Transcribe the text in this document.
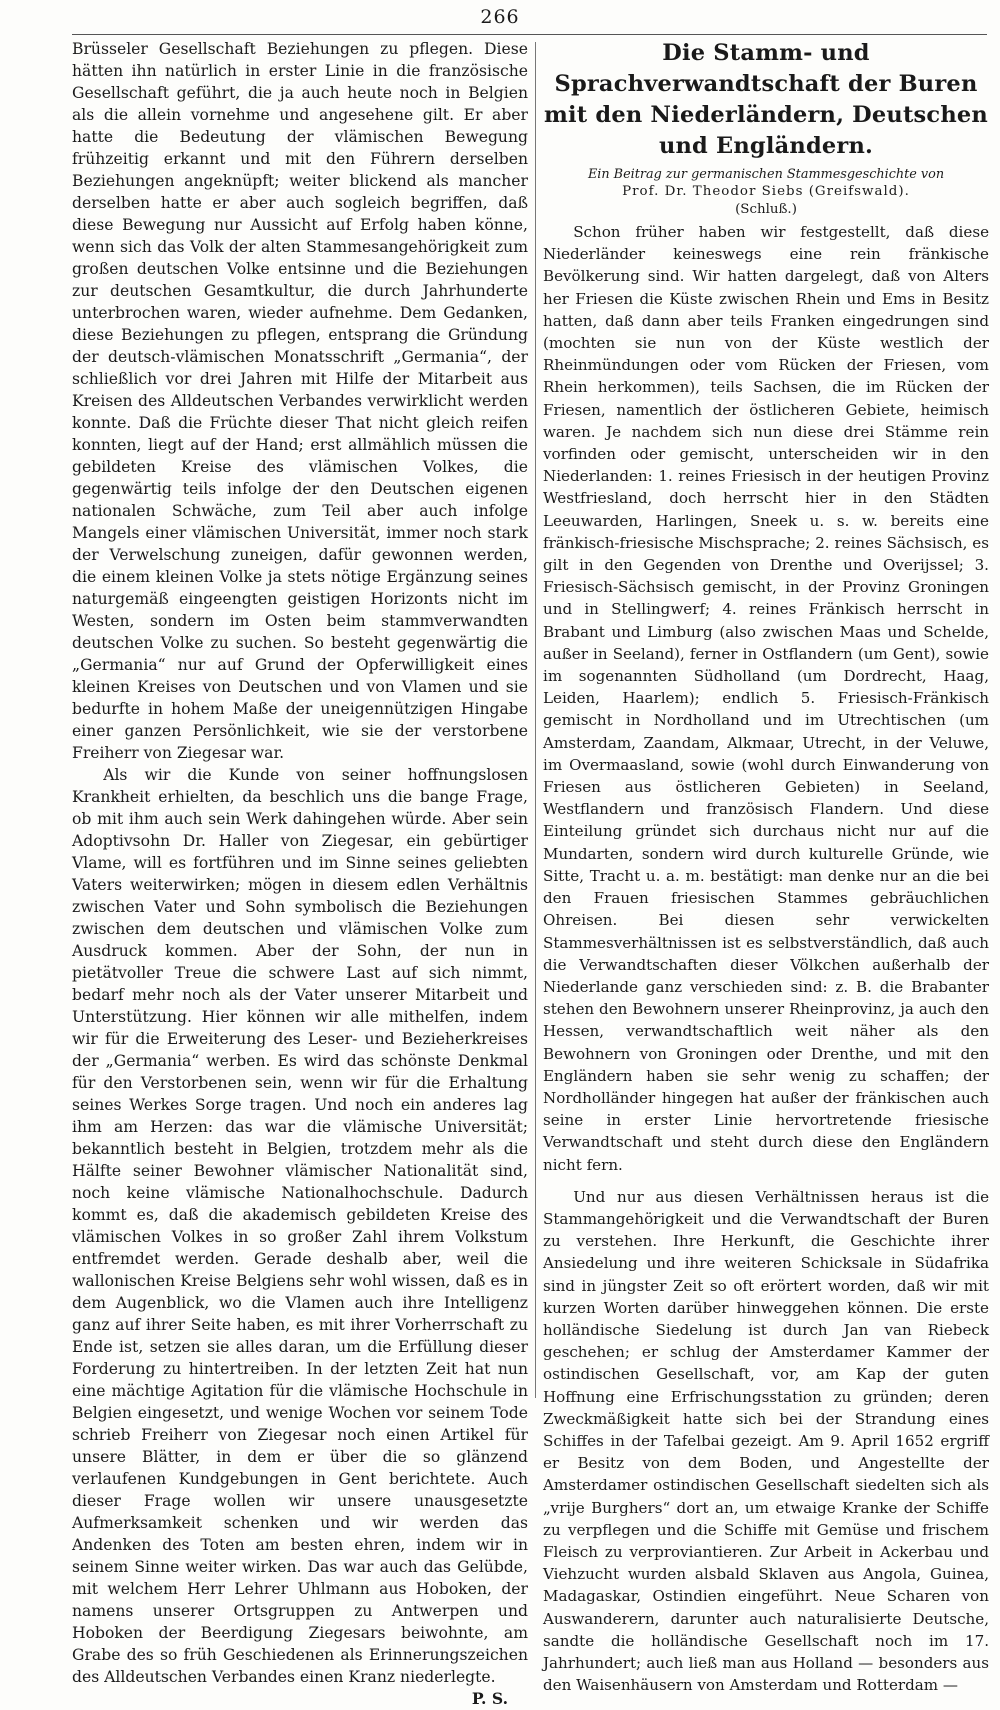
266

Brüsseler Gesellschaft Beziehungen zu pflegen. Diese hätten ihn natürlich in erster Linie in die französische Gesellschaft geführt, die ja auch heute noch in Belgien als die allein vornehme und angesehene gilt. Er aber hatte die Bedeutung der vlämischen Bewegung frühzeitig erkannt und mit den Führern derselben Beziehungen angeknüpft; weiter blickend als mancher derselben hatte er aber auch sogleich begriffen, daß diese Bewegung nur Aussicht auf Erfolg haben könne, wenn sich das Volk der alten Stammesangehörigkeit zum großen deutschen Volke entsinne und die Beziehungen zur deutschen Gesamtkultur, die durch Jahrhunderte unterbrochen waren, wieder aufnehme. Dem Gedanken, diese Beziehungen zu pflegen, entsprang die Gründung der deutsch-vlämischen Monatsschrift „Germania“, der schließlich vor drei Jahren mit Hilfe der Mitarbeit aus Kreisen des Alldeutschen Verbandes verwirklicht werden konnte. Daß die Früchte dieser That nicht gleich reifen konnten, liegt auf der Hand; erst allmählich müssen die gebildeten Kreise des vlämischen Volkes, die gegenwärtig teils infolge der den Deutschen eigenen nationalen Schwäche, zum Teil aber auch infolge Mangels einer vlämischen Universität, immer noch stark der Verwelschung zuneigen, dafür gewonnen werden, die einem kleinen Volke ja stets nötige Ergänzung seines naturgemäß eingeengten geistigen Horizonts nicht im Westen, sondern im Osten beim stammverwandten deutschen Volke zu suchen. So besteht gegenwärtig die „Germania“ nur auf Grund der Opferwilligkeit eines kleinen Kreises von Deutschen und von Vlamen und sie bedurfte in hohem Maße der uneigennützigen Hingabe einer ganzen Persönlichkeit, wie sie der verstorbene Freiherr von Ziegesar war.

Als wir die Kunde von seiner hoffnungslosen Krankheit erhielten, da beschlich uns die bange Frage, ob mit ihm auch sein Werk dahingehen würde. Aber sein Adoptivsohn Dr. Haller von Ziegesar, ein gebürtiger Vlame, will es fortführen und im Sinne seines geliebten Vaters weiterwirken; mögen in diesem edlen Verhältnis zwischen Vater und Sohn symbolisch die Beziehungen zwischen dem deutschen und vlämischen Volke zum Ausdruck kommen. Aber der Sohn, der nun in pietätvoller Treue die schwere Last auf sich nimmt, bedarf mehr noch als der Vater unserer Mitarbeit und Unterstützung. Hier können wir alle mithelfen, indem wir für die Erweiterung des Leser- und Bezieherkreises der „Germania“ werben. Es wird das schönste Denkmal für den Verstorbenen sein, wenn wir für die Erhaltung seines Werkes Sorge tragen. Und noch ein anderes lag ihm am Herzen: das war die vlämische Universität; bekanntlich besteht in Belgien, trotzdem mehr als die Hälfte seiner Bewohner vlämischer Nationalität sind, noch keine vlämische Nationalhochschule. Dadurch kommt es, daß die akademisch gebildeten Kreise des vlämischen Volkes in so großer Zahl ihrem Volkstum entfremdet werden. Gerade deshalb aber, weil die wallonischen Kreise Belgiens sehr wohl wissen, daß es in dem Augenblick, wo die Vlamen auch ihre Intelligenz ganz auf ihrer Seite haben, es mit ihrer Vorherrschaft zu Ende ist, setzen sie alles daran, um die Erfüllung dieser Forderung zu hintertreiben. In der letzten Zeit hat nun eine mächtige Agitation für die vlämische Hochschule in Belgien eingesetzt, und wenige Wochen vor seinem Tode schrieb Freiherr von Ziegesar noch einen Artikel für unsere Blätter, in dem er über die so glänzend verlaufenen Kundgebungen in Gent berichtete. Auch dieser Frage wollen wir unsere unausgesetzte Aufmerksamkeit schenken und wir werden das Andenken des Toten am besten ehren, indem wir in seinem Sinne weiter wirken. Das war auch das Gelübde, mit welchem Herr Lehrer Uhlmann aus Hoboken, der namens unserer Ortsgruppen zu Antwerpen und Hoboken der Beerdigung Ziegesars beiwohnte, am Grabe des so früh Geschiedenen als Erinnerungszeichen des Alldeutschen Verbandes einen Kranz niederlegte.

P. S.
Die Stamm- und Sprachverwandtschaft der Buren mit den Niederländern, Deutschen und Engländern.

Ein Beitrag zur germanischen Stammesgeschichte von

Prof. Dr. Theodor Siebs (Greifswald).

(Schluß.)

Schon früher haben wir festgestellt, daß diese Niederländer keineswegs eine rein fränkische Bevölkerung sind. Wir hatten dargelegt, daß von Alters her Friesen die Küste zwischen Rhein und Ems in Besitz hatten, daß dann aber teils Franken eingedrungen sind (mochten sie nun von der Küste westlich der Rheinmündungen oder vom Rücken der Friesen, vom Rhein herkommen), teils Sachsen, die im Rücken der Friesen, namentlich der östlicheren Gebiete, heimisch waren. Je nachdem sich nun diese drei Stämme rein vorfinden oder gemischt, unterscheiden wir in den Niederlanden: 1. reines Friesisch in der heutigen Provinz Westfriesland, doch herrscht hier in den Städten Leeuwarden, Harlingen, Sneek u. s. w. bereits eine fränkisch-friesische Mischsprache; 2. reines Sächsisch, es gilt in den Gegenden von Drenthe und Overijssel; 3. Friesisch-Sächsisch gemischt, in der Provinz Groningen und in Stellingwerf; 4. reines Fränkisch herrscht in Brabant und Limburg (also zwischen Maas und Schelde, außer in Seeland), ferner in Ostflandern (um Gent), sowie im sogenannten Südholland (um Dordrecht, Haag, Leiden, Haarlem); endlich 5. Friesisch-Fränkisch gemischt in Nordholland und im Utrechtischen (um Amsterdam, Zaandam, Alkmaar, Utrecht, in der Veluwe, im Overmaasland, sowie (wohl durch Einwanderung von Friesen aus östlicheren Gebieten) in Seeland, Westflandern und französisch Flandern. Und diese Einteilung gründet sich durchaus nicht nur auf die Mundarten, sondern wird durch kulturelle Gründe, wie Sitte, Tracht u. a. m. bestätigt: man denke nur an die bei den Frauen friesischen Stammes gebräuchlichen Ohreisen. Bei diesen sehr verwickelten Stammesverhältnissen ist es selbstverständlich, daß auch die Verwandtschaften dieser Völkchen außerhalb der Niederlande ganz verschieden sind: z. B. die Brabanter stehen den Bewohnern unserer Rheinprovinz, ja auch den Hessen, verwandtschaftlich weit näher als den Bewohnern von Groningen oder Drenthe, und mit den Engländern haben sie sehr wenig zu schaffen; der Nordholländer hingegen hat außer der fränkischen auch seine in erster Linie hervortretende friesische Verwandtschaft und steht durch diese den Engländern nicht fern.

Und nur aus diesen Verhältnissen heraus ist die Stammangehörigkeit und die Verwandtschaft der Buren zu verstehen. Ihre Herkunft, die Geschichte ihrer Ansiedelung und ihre weiteren Schicksale in Südafrika sind in jüngster Zeit so oft erörtert worden, daß wir mit kurzen Worten darüber hinweggehen können. Die erste holländische Siedelung ist durch Jan van Riebeck geschehen; er schlug der Amsterdamer Kammer der ostindischen Gesellschaft, vor, am Kap der guten Hoffnung eine Erfrischungsstation zu gründen; deren Zweckmäßigkeit hatte sich bei der Strandung eines Schiffes in der Tafelbai gezeigt. Am 9. April 1652 ergriff er Besitz von dem Boden, und Angestellte der Amsterdamer ostindischen Gesellschaft siedelten sich als „vrije Burghers“ dort an, um etwaige Kranke der Schiffe zu verpflegen und die Schiffe mit Gemüse und frischem Fleisch zu verproviantieren. Zur Arbeit in Ackerbau und Viehzucht wurden alsbald Sklaven aus Angola, Guinea, Madagaskar, Ostindien eingeführt. Neue Scharen von Auswanderern, darunter auch naturalisierte Deutsche, sandte die holländische Gesellschaft noch im 17. Jahrhundert; auch ließ man aus Holland — besonders aus den Waisenhäusern von Amsterdam und Rotterdam —
